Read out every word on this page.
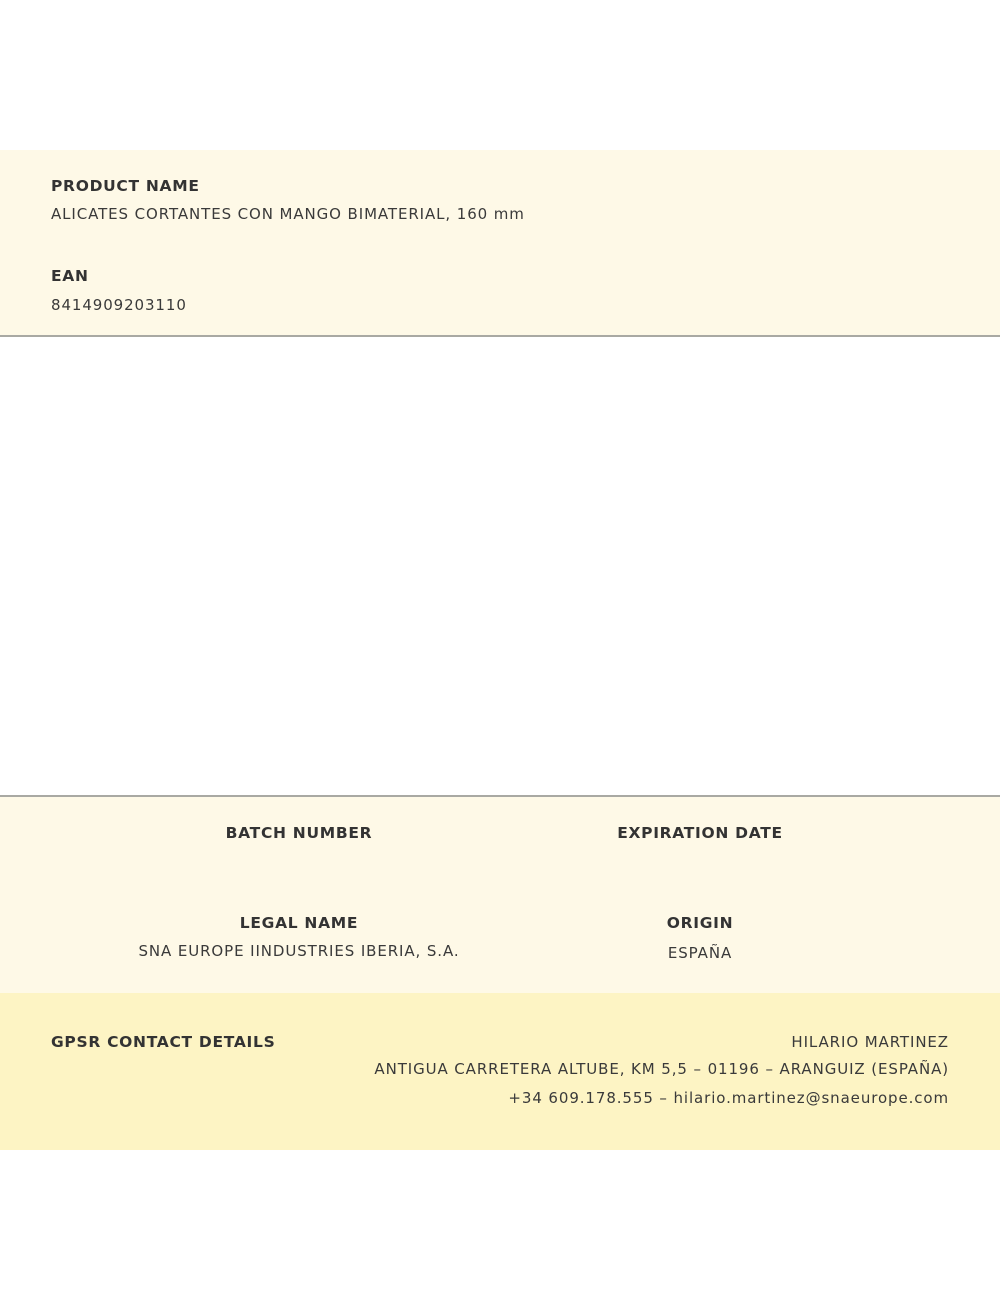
PRODUCT NAME
ALICATES CORTANTES CON MANGO BIMATERIAL, 160 mm
EAN
8414909203110
BATCH NUMBER	EXPIRATION DATE
LEGAL NAME
SNA EUROPE IINDUSTRIES IBERIA, S.A.
ORIGIN
ESPAÑA
GPSR CONTACT DETAILS	HILARIO MARTINEZ
ANTIGUA CARRETERA ALTUBE, KM 5,5 – 01196 – ARANGUIZ (ESPAÑA)
+34 609.178.555 – hilario.martinez@snaeurope.com
